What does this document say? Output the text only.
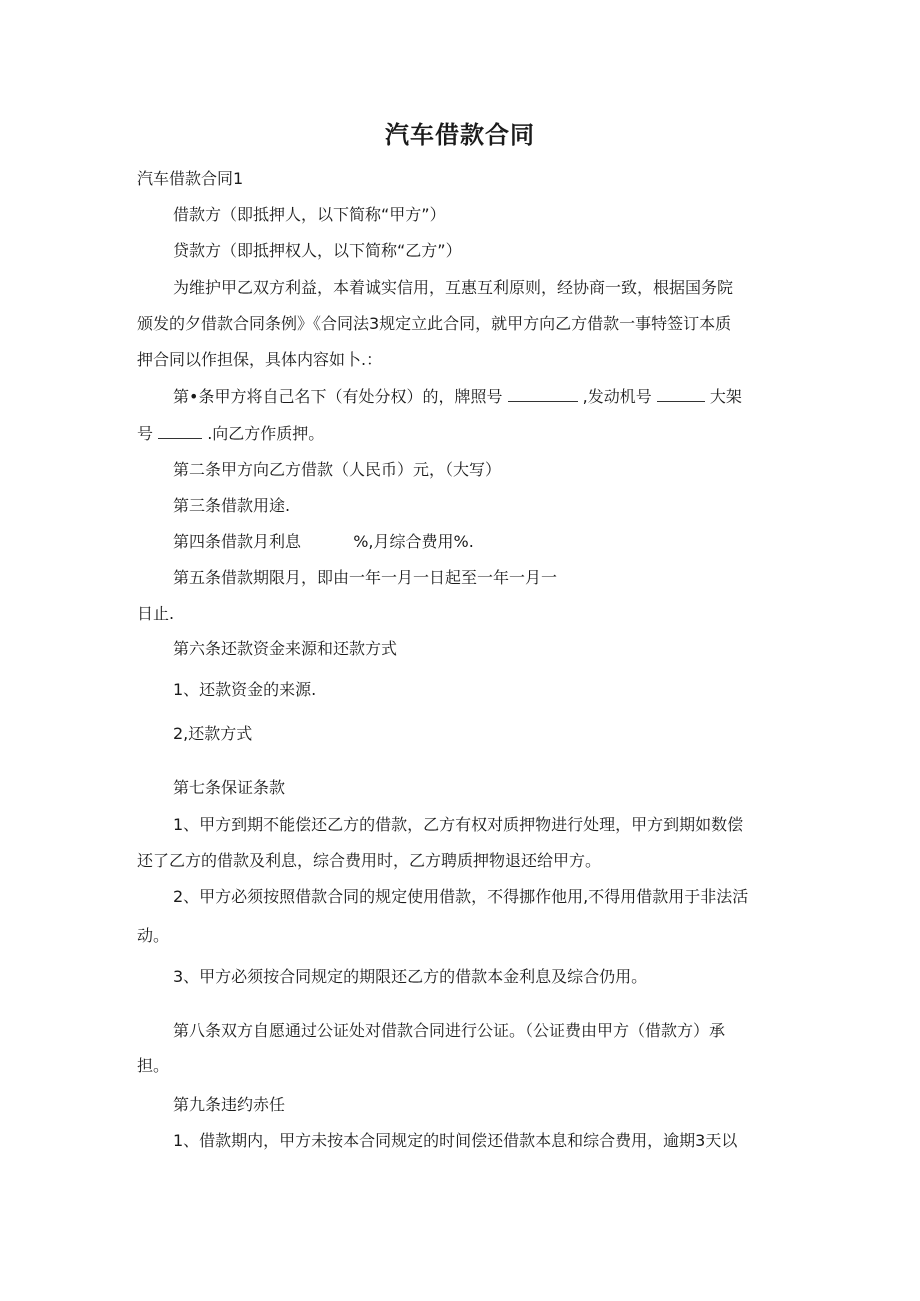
汽车借款合同
汽车借款合同1
借款方（即抵押人，以下简称“甲方”）
贷款方（即抵押权人，以下简称“乙方”）
为维护甲乙双方利益，本着诚实信用，互惠互利原则，经协商一致，根据国务院
颁发的夕借款合同条例》《合同法3规定立此合同，就甲方向乙方借款一事特签订本质
押合同以作担保，具体内容如卜.：
第•条甲方将自己名下（有处分权）的，牌照号	,发动机号	大架
号	.向乙方作质押。
第二条甲方向乙方借款（人民币）元，（大写）
第三条借款用途.
第四条借款月利息	%,月综合费用%.
第五条借款期限月，即由一年一月一日起至一年一月一
日止.
第六条还款资金来源和还款方式
1、还款资金的来源.
2,还款方式
第七条保证条款
1、甲方到期不能偿还乙方的借款，乙方有权对质押物进行处理，甲方到期如数偿
还了乙方的借款及利息，综合费用时，乙方聘质押物退还给甲方。
2、甲方必须按照借款合同的规定使用借款，不得挪作他用,不得用借款用于非法活
动。
3、甲方必须按合同规定的期限还乙方的借款本金利息及综合仍用。
第八条双方自愿通过公证处对借款合同进行公证。（公证费由甲方（借款方）承
担。
第九条违约赤任
1、借款期内，甲方未按本合同规定的时间偿还借款本息和综合费用，逾期3天以
